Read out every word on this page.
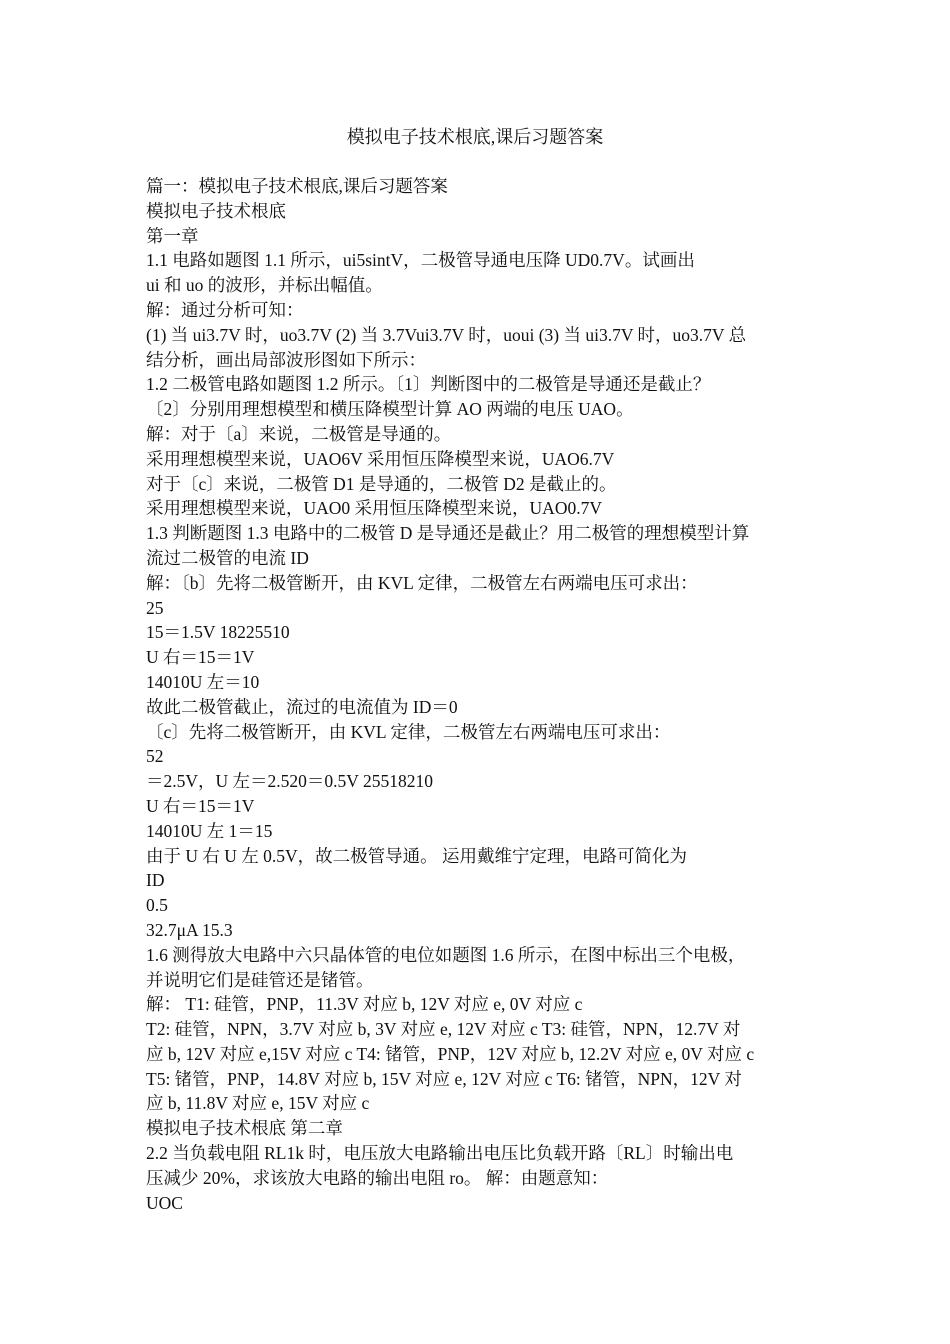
模拟电子技术根底,课后习题答案
篇一：模拟电子技术根底,课后习题答案
模拟电子技术根底
第一章
1.1 电路如题图 1.1 所示，ui5sintV，二极管导通电压降 UD0.7V。试画出
ui 和 uo 的波形，并标出幅值。
解：通过分析可知：
(1) 当 ui3.7V 时，uo3.7V (2) 当 3.7Vui3.7V 时，uoui (3) 当 ui3.7V 时，uo3.7V 总
结分析，画出局部波形图如下所示：
1.2 二极管电路如题图 1.2 所示。〔1〕判断图中的二极管是导通还是截止？
〔2〕分别用理想模型和横压降模型计算 AO 两端的电压 UAO。
解：对于〔a〕来说，二极管是导通的。
采用理想模型来说，UAO6V 采用恒压降模型来说，UAO6.7V
对于〔c〕来说，二极管 D1 是导通的，二极管 D2 是截止的。
采用理想模型来说，UAO0 采用恒压降模型来说，UAO0.7V
1.3 判断题图 1.3 电路中的二极管 D 是导通还是截止？用二极管的理想模型计算
流过二极管的电流 ID
解：〔b〕先将二极管断开，由 KVL 定律，二极管左右两端电压可求出：
25
15＝1.5V 18225510
U 右＝15＝1V
14010U 左＝10
故此二极管截止，流过的电流值为 ID＝0
〔c〕先将二极管断开，由 KVL 定律，二极管左右两端电压可求出：
52
＝2.5V，U 左＝2.520＝0.5V 25518210
U 右＝15＝1V
14010U 左 1＝15
由于 U 右 U 左 0.5V，故二极管导通。 运用戴维宁定理，电路可简化为
ID
0.5
32.7μA 15.3
1.6 测得放大电路中六只晶体管的电位如题图 1.6 所示，在图中标出三个电极，
并说明它们是硅管还是锗管。
解： T1: 硅管，PNP，11.3V 对应 b, 12V 对应 e, 0V 对应 c
T2: 硅管，NPN，3.7V 对应 b, 3V 对应 e, 12V 对应 c T3: 硅管，NPN，12.7V 对
应 b, 12V 对应 e,15V 对应 c T4: 锗管，PNP，12V 对应 b, 12.2V 对应 e, 0V 对应 c
T5: 锗管，PNP，14.8V 对应 b, 15V 对应 e, 12V 对应 c T6: 锗管，NPN，12V 对
应 b, 11.8V 对应 e, 15V 对应 c
模拟电子技术根底 第二章
2.2 当负载电阻 RL1k 时，电压放大电路输出电压比负载开路〔RL〕时输出电
压减少 20%，求该放大电路的输出电阻 ro。 解：由题意知：
UOC
